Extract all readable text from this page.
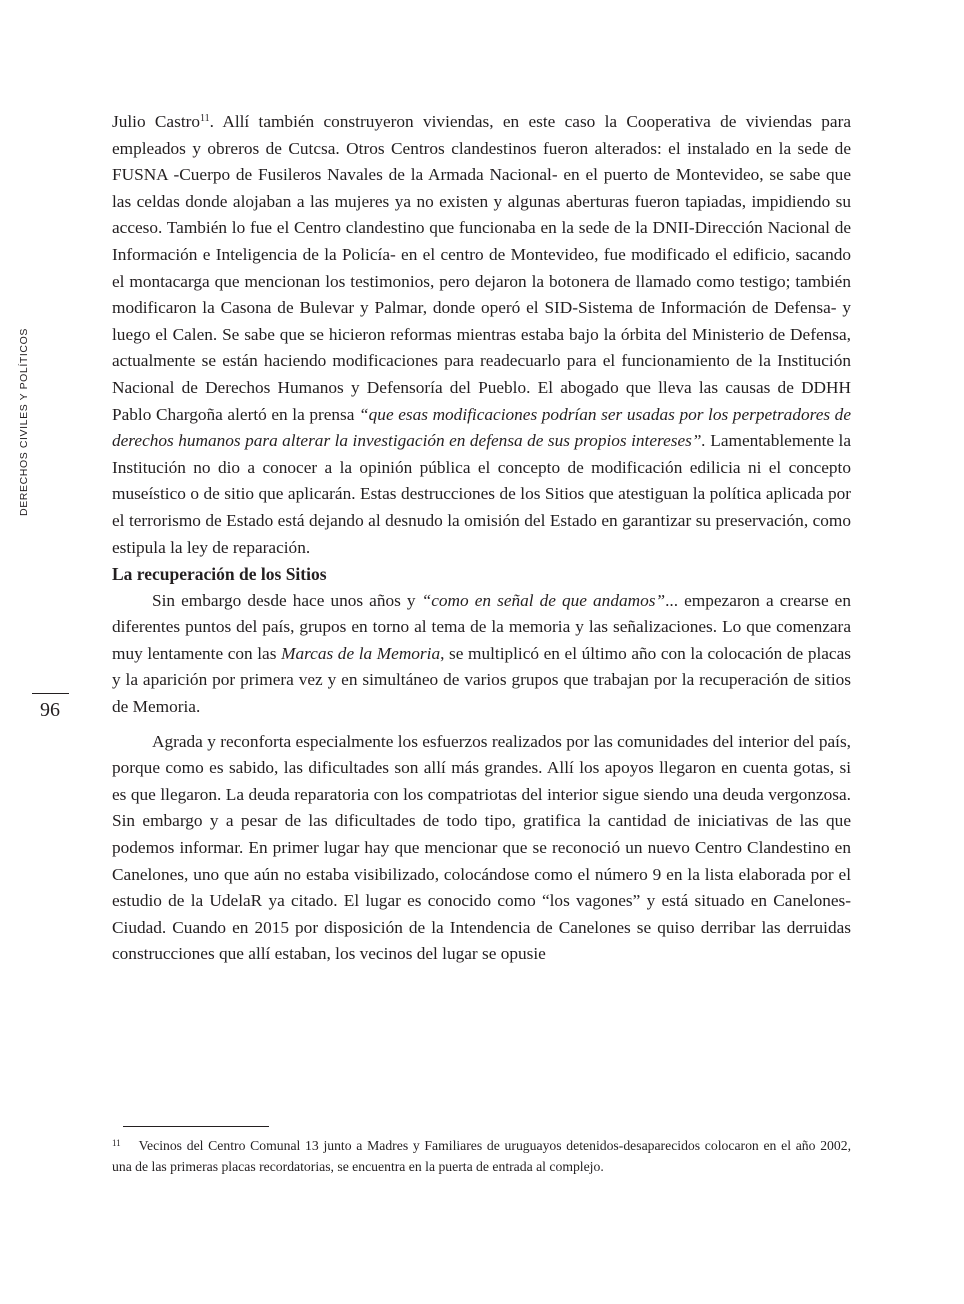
DERECHOS CIVILES Y POLÍTICOS
96

Julio Castro$^{11}$. Allí también construyeron viviendas, en este caso la Cooperativa de viviendas para empleados y obreros de Cutcsa. Otros Centros clandestinos fueron alterados: el instalado en la sede de FUSNA -Cuerpo de Fusileros Navales de la Armada Nacional- en el puerto de Montevideo, se sabe que las celdas donde alojaban a las mujeres ya no existen y algunas aberturas fueron tapiadas, impidiendo su acceso. También lo fue el Centro clandestino que funcionaba en la sede de la DNII-Dirección Nacional de Información e Inteligencia de la Policía- en el centro de Montevideo, fue modificado el edificio, sacando el montacarga que mencionan los testimonios, pero dejaron la botonera de llamado como testigo; también modificaron la Casona de Bulevar y Palmar, donde operó el SID-Sistema de Información de Defensa- y luego el Calen. Se sabe que se hicieron reformas mientras estaba bajo la órbita del Ministerio de Defensa, actualmente se están haciendo modificaciones para readecuarlo para el funcionamiento de la Institución Nacional de Derechos Humanos y Defensoría del Pueblo. El abogado que lleva las causas de DDHH Pablo Chargoña alertó en la prensa “que esas modificaciones podrían ser usadas por los perpetradores de derechos humanos para alterar la investigación en defensa de sus propios intereses”. Lamentablemente la Institución no dio a conocer a la opinión pública el concepto de modificación edilicia ni el concepto museístico o de sitio que aplicarán. Estas destrucciones de los Sitios que atestiguan la política aplicada por el terrorismo de Estado está dejando al desnudo la omisión del Estado en garantizar su preservación, como estipula la ley de reparación.

La recuperación de los Sitios

Sin embargo desde hace unos años y “como en señal de que andamos”... empezaron a crearse en diferentes puntos del país, grupos en torno al tema de la memoria y las señalizaciones. Lo que comenzara muy lentamente con las Marcas de la Memoria, se multiplicó en el último año con la colocación de placas y la aparición por primera vez y en simultáneo de varios grupos que trabajan por la recuperación de sitios de Memoria.

Agrada y reconforta especialmente los esfuerzos realizados por las comunidades del interior del país, porque como es sabido, las dificultades son allí más grandes. Allí los apoyos llegaron en cuenta gotas, si es que llegaron. La deuda reparatoria con los compatriotas del interior sigue siendo una deuda vergonzosa. Sin embargo y a pesar de las dificultades de todo tipo, gratifica la cantidad de iniciativas de las que podemos informar. En primer lugar hay que mencionar que se reconoció un nuevo Centro Clandestino en Canelones, uno que aún no estaba visibilizado, colocándose como el número 9 en la lista elaborada por el estudio de la UdelaR ya citado. El lugar es conocido como “los vagones” y está situado en Canelones-Ciudad. Cuando en 2015 por disposición de la Intendencia de Canelones se quiso derribar las derruidas construcciones que allí estaban, los vecinos del lugar se opusie

$^{11}$ Vecinos del Centro Comunal 13 junto a Madres y Familiares de uruguayos detenidos-desaparecidos colocaron en el año 2002, una de las primeras placas recordatorias, se encuentra en la puerta de entrada al complejo.
